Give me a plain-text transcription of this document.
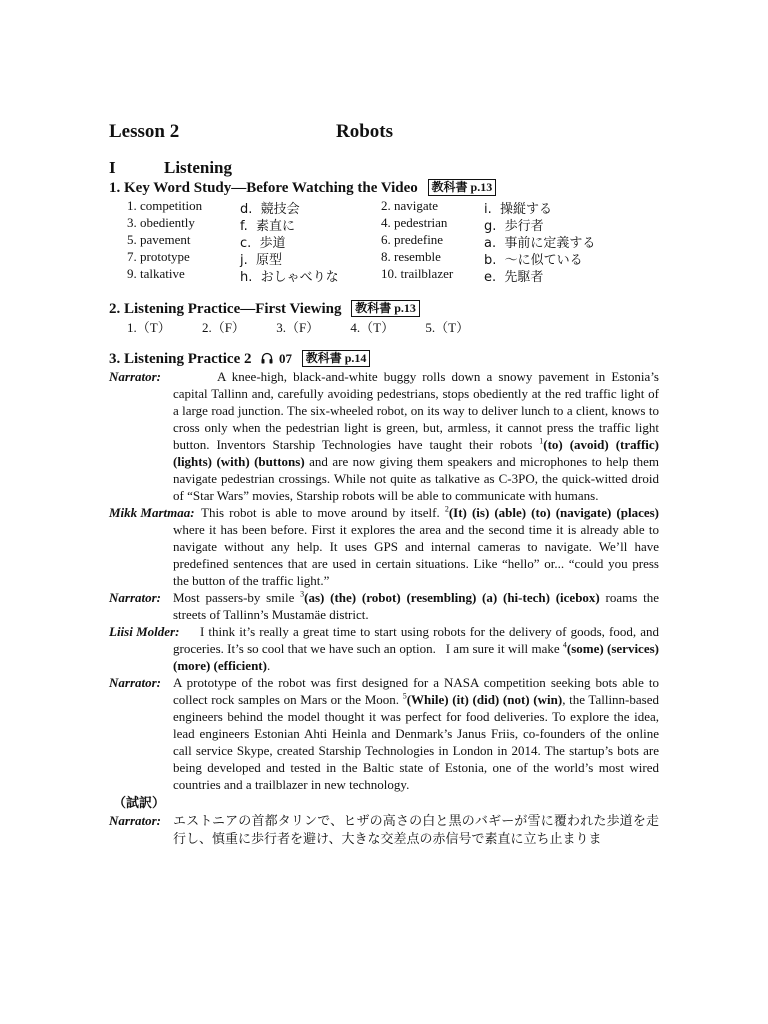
Lesson 2	Robots
I	Listening
1. Key Word Study―Before Watching the Video 教科書 p.13
1. competition	d.  競技会	2. navigate	i.  操縦する
3. obediently	f.  素直に	4. pedestrian	g.  歩行者
5. pavement	c.  歩道	6. predefine	a.  事前に定義する
7. prototype	j.  原型	8. resemble	b.  ～に似ている
9. talkative	h.  おしゃべりな	10. trailblazer e.  先駆者
2. Listening Practice―First Viewing 教科書 p.13
1.（T） 2.（F） 3.（F） 4.（T） 5.（T）
3. Listening Practice 2 07 教科書 p.14
Narrator:	A knee-high, black-and-white buggy rolls down a snowy pavement in Estonia’s capital Tallinn and, carefully avoiding pedestrians, stops obediently at the red traffic light of a large road junction. The six-wheeled robot, on its way to deliver lunch to a client, knows to cross only when the pedestrian light is green, but, armless, it cannot press the traffic light button. Inventors Starship Technologies have taught their robots $^1$(to) (avoid) (traffic) (lights) (with) (buttons) and are now giving them speakers and microphones to help them navigate pedestrian crossings. While not quite as talkative as C-3PO, the quick-witted droid of “Star Wars” movies, Starship robots will be able to communicate with humans.
Mikk Martmaa: This robot is able to move around by itself. $^2$(It) (is) (able) (to) (navigate) (places) where it has been before. First it explores the area and the second time it is already able to navigate without any help. It uses GPS and internal cameras to navigate. We’ll have predefined sentences that are used in certain situations. Like “hello” or... “could you press the button of the traffic light.”
Narrator: Most passers-by smile $^3$(as) (the) (robot) (resembling) (a) (hi-tech) (icebox) roams the streets of Tallinn’s Mustamäe district.
Liisi Molder: I think it’s really a great time to start using robots for the delivery of goods, food, and groceries. It’s so cool that we have such an option.   I am sure it will make $^4$(some) (services) (more) (efficient).
Narrator: A prototype of the robot was first designed for a NASA competition seeking bots able to collect rock samples on Mars or the Moon. $^5$(While) (it) (did) (not) (win), the Tallinn-based engineers behind the model thought it was perfect for food deliveries. To explore the idea, lead engineers Estonian Ahti Heinla and Denmark’s Janus Friis, co-founders of the online call service Skype, created Starship Technologies in London in 2014. The startup’s bots are being developed and tested in the Baltic state of Estonia, one of the world’s most wired countries and a trailblazer in new technology.
（試訳）
Narrator: エストニアの首都タリンで、ヒザの高さの白と黒のバギーが雪に覆われた歩道を走行し、慎重に歩行者を避け、大きな交差点の赤信号で素直に立ち止まりま
